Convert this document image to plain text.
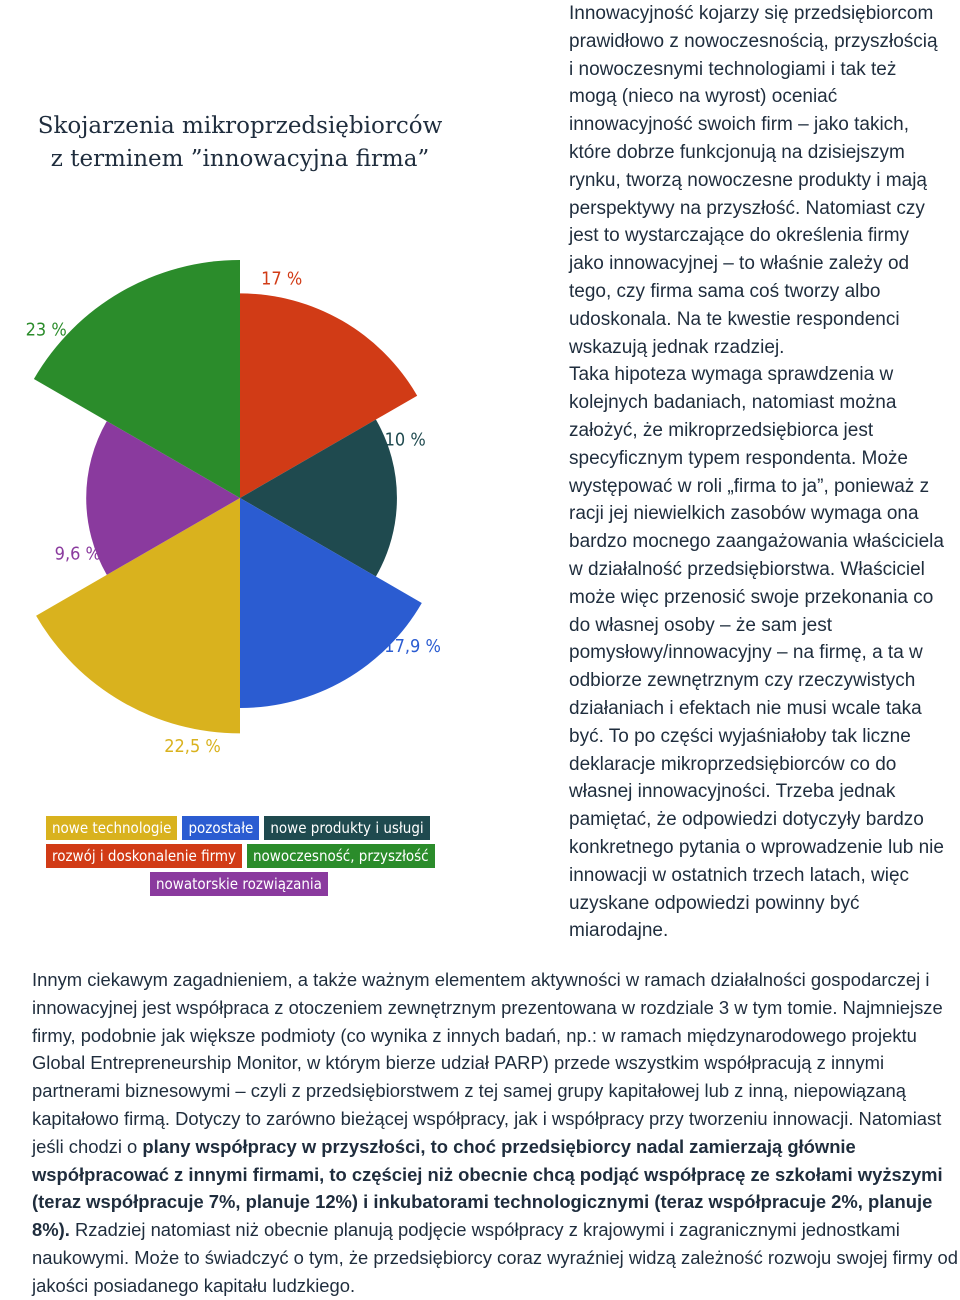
Skojarzenia mikroprzedsiębiorców
z terminem ”innowacyjna firma”
17 %
10 %
17,9 %
22,5 %
9,6 %
23 %
nowe technologie	pozostałe	nowe produkty i usługi
rozwój i doskonalenie firmy	nowoczesność, przyszłość
nowatorskie rozwiązania

Innowacyjność kojarzy się przedsiębiorcom prawidłowo z nowoczesnością, przyszłością i nowoczesnymi technologiami i tak też mogą (nieco na wyrost) oceniać innowacyjność swoich firm – jako takich, które dobrze funkcjonują na dzisiejszym rynku, tworzą nowoczesne produkty i mają perspektywy na przyszłość. Natomiast czy jest to wystarczające do określenia firmy jako innowacyjnej – to właśnie zależy od tego, czy firma sama coś tworzy albo udoskonala. Na te kwestie respondenci wskazują jednak rzadziej.

Taka hipoteza wymaga sprawdzenia w kolejnych badaniach, natomiast można założyć, że mikroprzedsiębiorca jest specyficznym typem respondenta. Może występować w roli „firma to ja”, ponieważ z racji jej niewielkich zasobów wymaga ona bardzo mocnego zaangażowania właściciela w działalność przedsiębiorstwa. Właściciel może więc przenosić swoje przekonania co do własnej osoby – że sam jest pomysłowy/innowacyjny – na firmę, a ta w odbiorze zewnętrznym czy rzeczywistych działaniach i efektach nie musi wcale taka być. To po części wyjaśniałoby tak liczne deklaracje mikroprzedsiębiorców co do własnej innowacyjności. Trzeba jednak pamiętać, że odpowiedzi dotyczyły bardzo konkretnego pytania o wprowadzenie lub nie innowacji w ostatnich trzech latach, więc uzyskane odpowiedzi powinny być miarodajne.

Innym ciekawym zagadnieniem, a także ważnym elementem aktywności w ramach działalności gospodarczej i innowacyjnej jest współpraca z otoczeniem zewnętrznym prezentowana w rozdziale 3 w tym tomie. Najmniejsze firmy, podobnie jak większe podmioty (co wynika z innych badań, np.: w ramach międzynarodowego projektu Global Entrepreneurship Monitor, w którym bierze udział PARP) przede wszystkim współpracują z innymi partnerami biznesowymi – czyli z przedsiębiorstwem z tej samej grupy kapitałowej lub z inną, niepowiązaną kapitałowo firmą. Dotyczy to zarówno bieżącej współpracy, jak i współpracy przy tworzeniu innowacji. Natomiast jeśli chodzi o plany współpracy w przyszłości, to choć przedsiębiorcy nadal zamierzają głównie współpracować z innymi firmami, to częściej niż obecnie chcą podjąć współpracę ze szkołami wyższymi (teraz współpracuje 7%, planuje 12%) i inkubatorami technologicznymi (teraz współpracuje 2%, planuje 8%). Rzadziej natomiast niż obecnie planują podjęcie współpracy z krajowymi i zagranicznymi jednostkami naukowymi. Może to świadczyć o tym, że przedsiębiorcy coraz wyraźniej widzą zależność rozwoju swojej firmy od jakości posiadanego kapitału ludzkiego.
